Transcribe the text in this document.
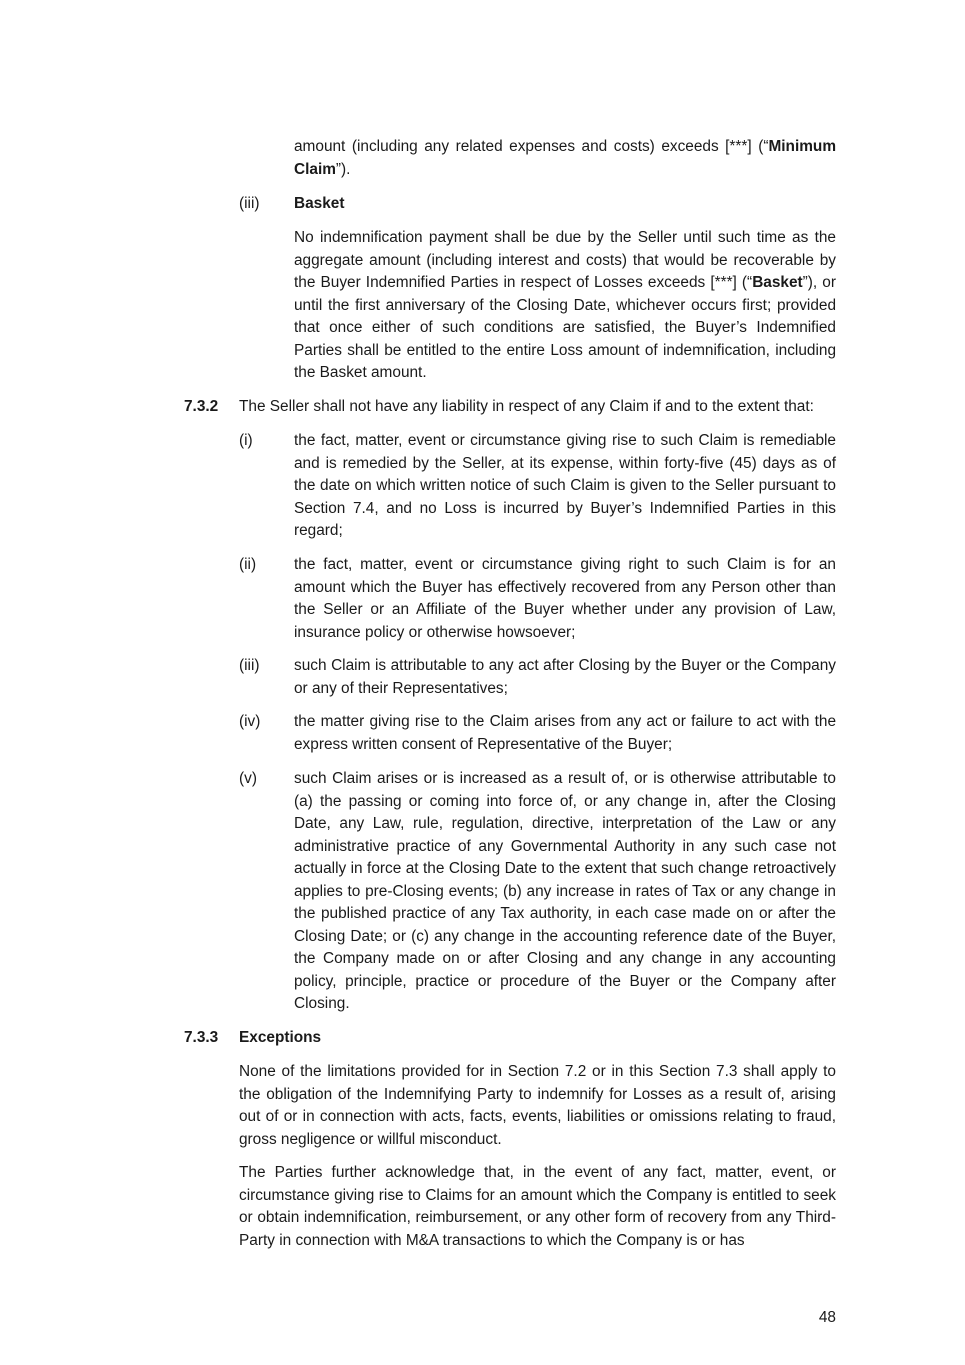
amount (including any related expenses and costs) exceeds [***] (“Minimum Claim”).

(iii)	Basket

No indemnification payment shall be due by the Seller until such time as the aggregate amount (including interest and costs) that would be recoverable by the Buyer Indemnified Parties in respect of Losses exceeds [***] (“Basket”), or until the first anniversary of the Closing Date, whichever occurs first; provided that once either of such conditions are satisfied, the Buyer’s Indemnified Parties shall be entitled to the entire Loss amount of indemnification, including the Basket amount.

7.3.2	The Seller shall not have any liability in respect of any Claim if and to the extent that:

(i)	the fact, matter, event or circumstance giving rise to such Claim is remediable and is remedied by the Seller, at its expense, within forty-five (45) days as of the date on which written notice of such Claim is given to the Seller pursuant to Section 7.4, and no Loss is incurred by Buyer’s Indemnified Parties in this regard;

(ii)	the fact, matter, event or circumstance giving right to such Claim is for an amount which the Buyer has effectively recovered from any Person other than the Seller or an Affiliate of the Buyer whether under any provision of Law, insurance policy or otherwise howsoever;

(iii)	such Claim is attributable to any act after Closing by the Buyer or the Company or any of their Representatives;

(iv)	the matter giving rise to the Claim arises from any act or failure to act with the express written consent of Representative of the Buyer;

(v)	such Claim arises or is increased as a result of, or is otherwise attributable to (a) the passing or coming into force of, or any change in, after the Closing Date, any Law, rule, regulation, directive, interpretation of the Law or any administrative practice of any Governmental Authority in any such case not actually in force at the Closing Date to the extent that such change retroactively applies to pre-Closing events; (b) any increase in rates of Tax or any change in the published practice of any Tax authority, in each case made on or after the Closing Date; or (c) any change in the accounting reference date of the Buyer, the Company made on or after Closing and any change in any accounting policy, principle, practice or procedure of the Buyer or the Company after Closing.

7.3.3	Exceptions

None of the limitations provided for in Section 7.2 or in this Section 7.3 shall apply to the obligation of the Indemnifying Party to indemnify for Losses as a result of, arising out of or in connection with acts, facts, events, liabilities or omissions relating to fraud, gross negligence or willful misconduct.

The Parties further acknowledge that, in the event of any fact, matter, event, or circumstance giving rise to Claims for an amount which the Company is entitled to seek or obtain indemnification, reimbursement, or any other form of recovery from any Third-Party in connection with M&A transactions to which the Company is or has

48
